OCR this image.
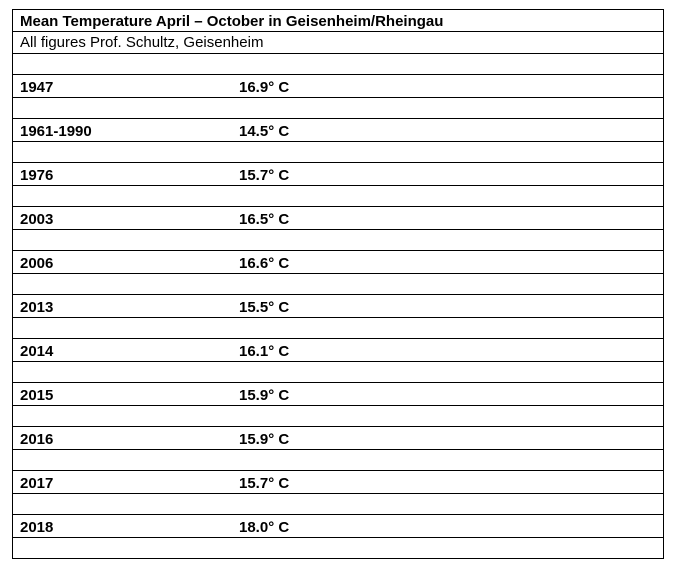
Mean Temperature April – October in Geisenheim/Rheingau
All figures Prof. Schultz, Geisenheim
1947	16.9° C
1961-1990	14.5° C
1976	15.7° C
2003	16.5° C
2006	16.6° C
2013	15.5° C
2014	16.1° C
2015	15.9° C
2016	15.9° C
2017	15.7° C
2018	18.0° C
